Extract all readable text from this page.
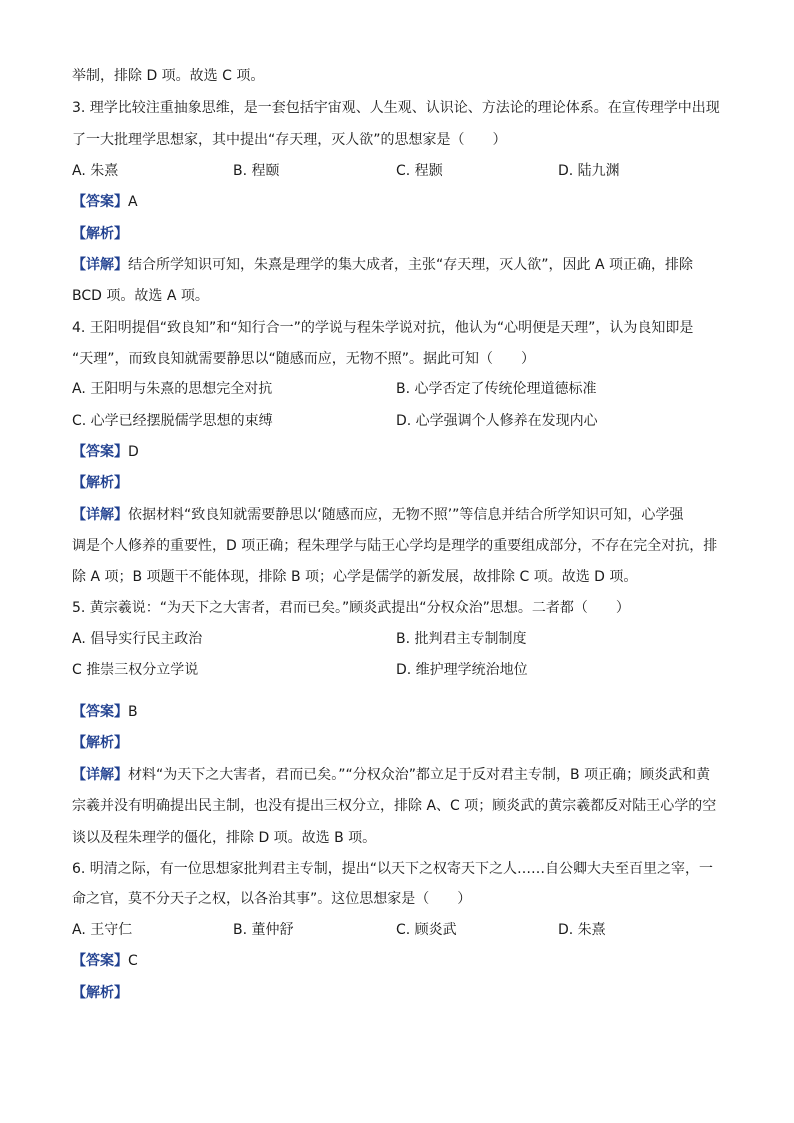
举制，排除 D 项。故选 C 项。
3. 理学比较注重抽象思维，是一套包括宇宙观、人生观、认识论、方法论的理论体系。在宣传理学中出现
了一大批理学思想家，其中提出“存天理，灭人欲”的思想家是（　　）
A. 朱熹	B. 程颐	C. 程颢	D. 陆九渊
【答案】A
【解析】
【详解】结合所学知识可知，朱熹是理学的集大成者，主张“存天理，灭人欲”，因此 A 项正确，排除
BCD 项。故选 A 项。
4. 王阳明提倡“致良知”和“知行合一”的学说与程朱学说对抗，他认为“心明便是天理”，认为良知即是
“天理”，而致良知就需要静思以“随感而应，无物不照”。据此可知（　　）
A. 王阳明与朱熹的思想完全对抗	B. 心学否定了传统伦理道德标准
C. 心学已经摆脱儒学思想的束缚	D. 心学强调个人修养在发现内心
【答案】D
【解析】
【详解】依据材料“致良知就需要静思以‘随感而应，无物不照’”等信息并结合所学知识可知，心学强
调是个人修养的重要性，D 项正确；程朱理学与陆王心学均是理学的重要组成部分，不存在完全对抗，排
除 A 项；B 项题干不能体现，排除 B 项；心学是儒学的新发展，故排除 C 项。故选 D 项。
5. 黄宗羲说：“为天下之大害者，君而已矣。”顾炎武提出“分权众治”思想。二者都（　　）
A. 倡导实行民主政治	B. 批判君主专制制度
C 推崇三权分立学说	D. 维护理学统治地位
【答案】B
【解析】
【详解】材料“为天下之大害者，君而已矣。”“分权众治”都立足于反对君主专制，B 项正确；顾炎武和黄
宗羲并没有明确提出民主制，也没有提出三权分立，排除 A、C 项；顾炎武的黄宗羲都反对陆王心学的空
谈以及程朱理学的僵化，排除 D 项。故选 B 项。
6. 明清之际，有一位思想家批判君主专制，提出“以天下之权寄天下之人……自公卿大夫至百里之宰，一
命之官，莫不分天子之权，以各治其事”。这位思想家是（　　）
A. 王守仁	B. 董仲舒	C. 顾炎武	D. 朱熹
【答案】C
【解析】
